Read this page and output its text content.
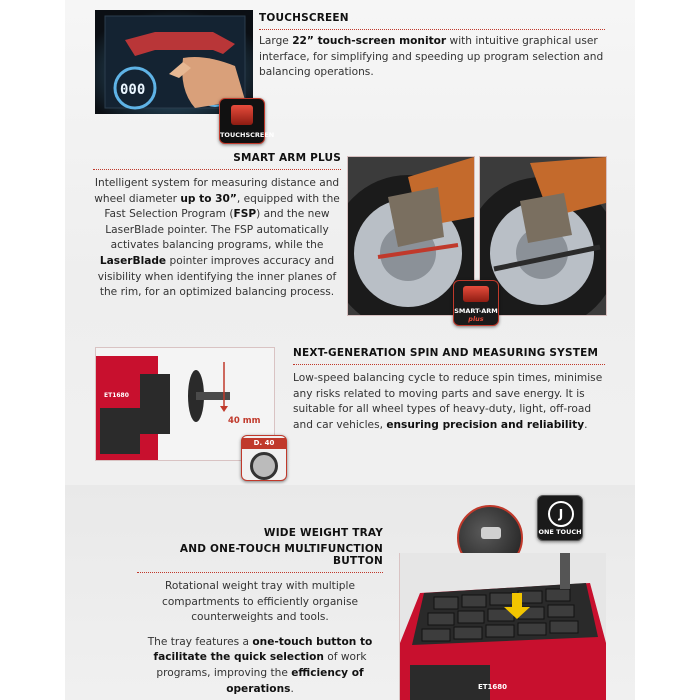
000
TOUCHSCREEN
TOUCHSCREEN
Large 22” touch-screen monitor with intuitive graphical user interface, for simplifying and speeding up program selection and balancing operations.
SMART ARM PLUS
Intelligent system for measuring distance and wheel diameter up to 30”, equipped with the Fast Selection Program (FSP) and the new LaserBlade pointer. The FSP automatically activates balancing programs, while the LaserBlade pointer improves accuracy and visibility when identifying the inner planes of the rim, for an optimized balancing process.
SMART-ARM
plus
ET1680
40 mm
D. 40
NEXT-GENERATION SPIN AND MEASURING SYSTEM
Low-speed balancing cycle to reduce spin times, minimise any risks related to moving parts and save energy. It is suitable for all wheel types of heavy-duty, light, off-road and car vehicles, ensuring precision and reliability.
WIDE WEIGHT TRAY
AND ONE-TOUCH MULTIFUNCTION BUTTON
Rotational weight tray with multiple compartments to efficiently organise counterweights and tools.
The tray features a one-touch button to facilitate the quick selection of work programs, improving the efficiency of operations.
J
ONE TOUCH
ET1680
